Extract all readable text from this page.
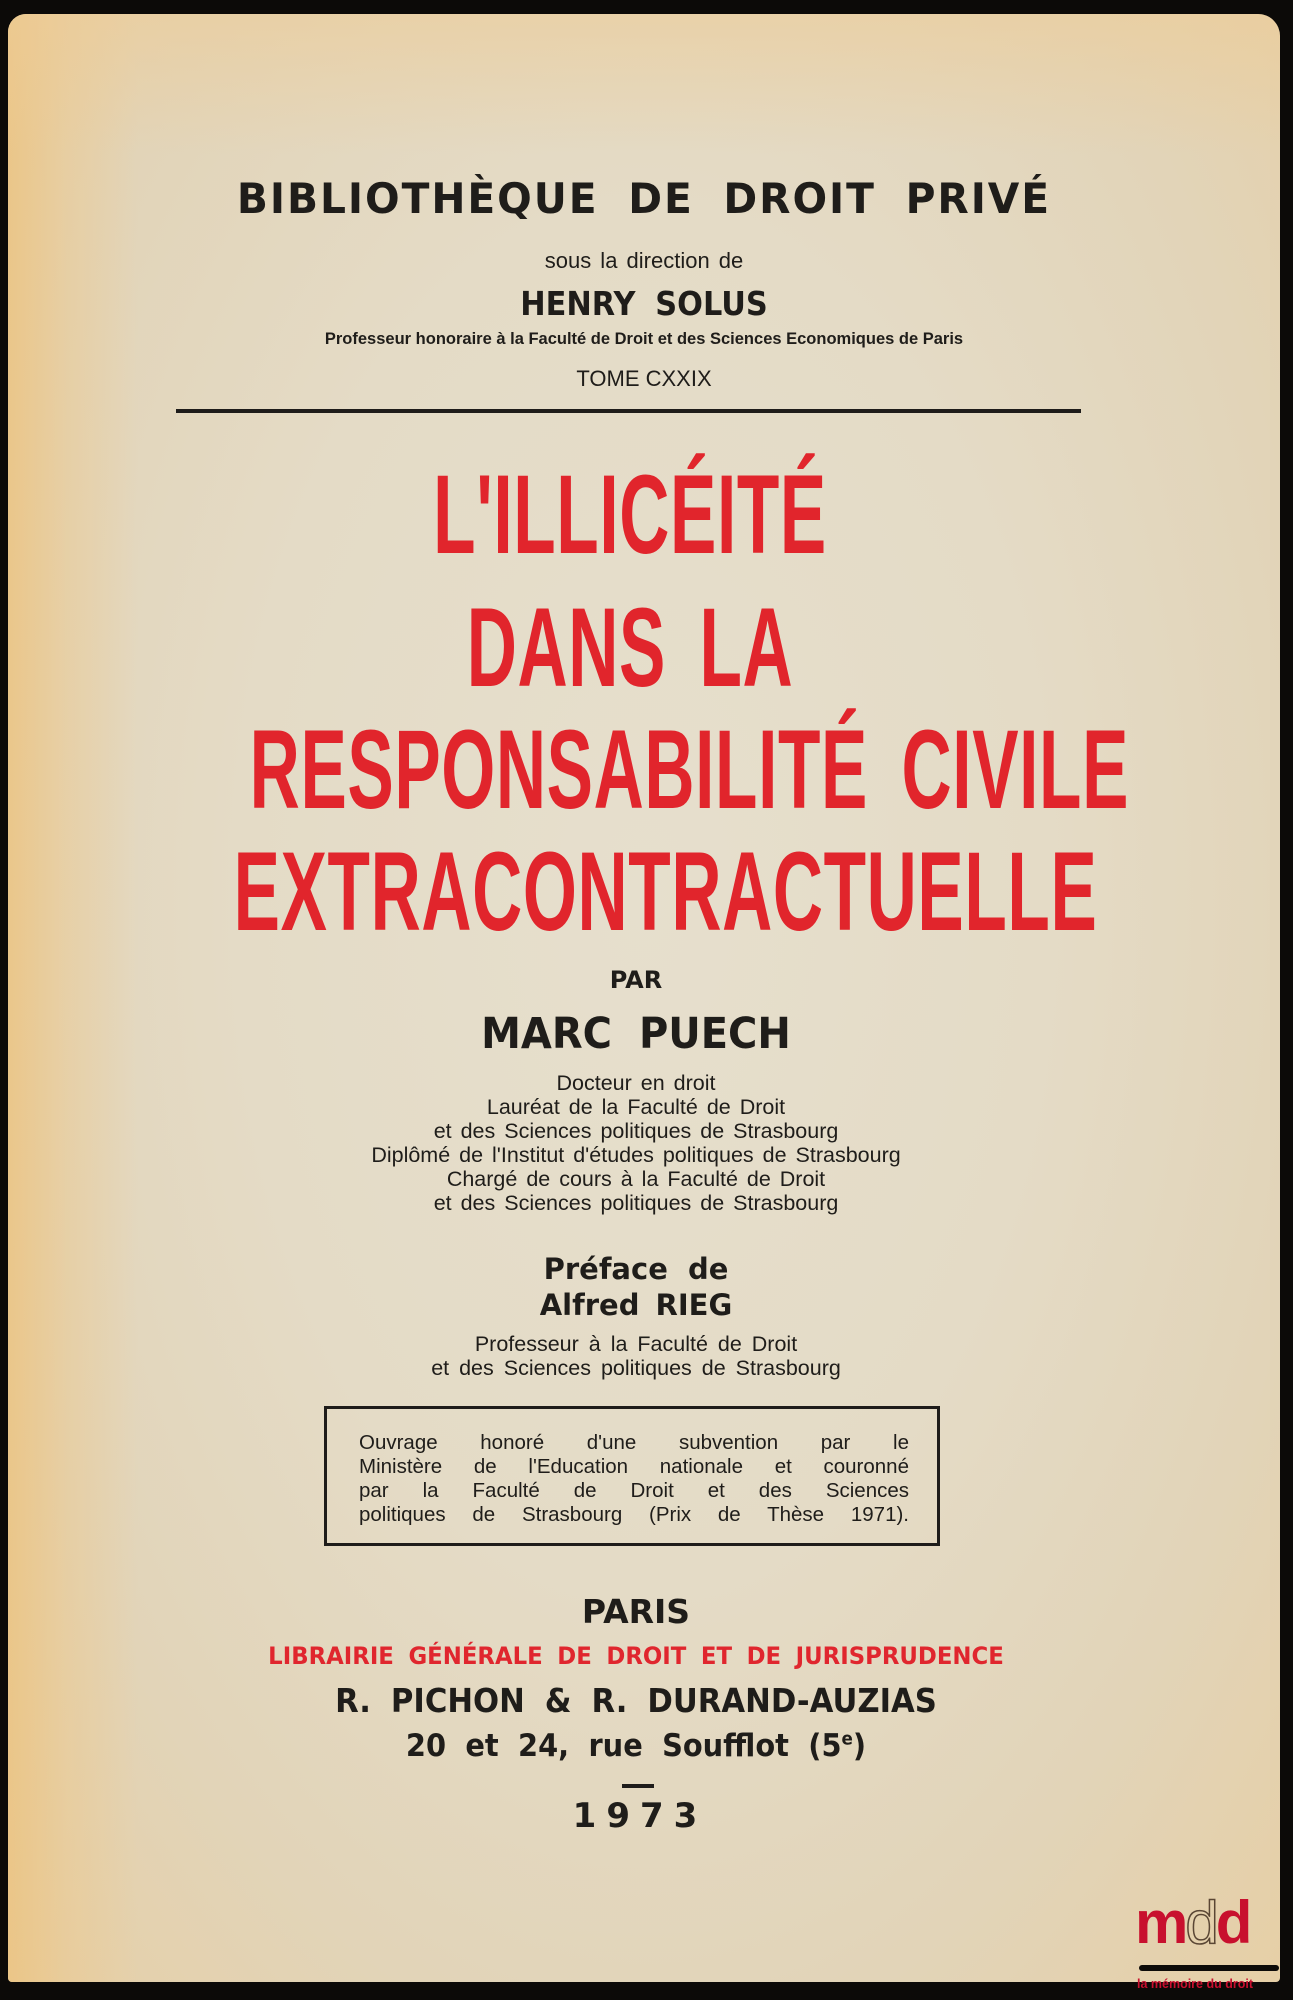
BIBLIOTHÈQUE DE DROIT PRIVÉ
sous la direction de
HENRY SOLUS
Professeur honoraire à la Faculté de Droit et des Sciences Economiques de Paris
TOME CXXIX
L'ILLICÉITÉ
DANS LA
RESPONSABILITÉ CIVILE
EXTRACONTRACTUELLE
PAR
MARC PUECH
Docteur en droit
Lauréat de la Faculté de Droit
et des Sciences politiques de Strasbourg
Diplômé de l'Institut d'études politiques de Strasbourg
Chargé de cours à la Faculté de Droit
et des Sciences politiques de Strasbourg
Préface de
Alfred RIEG
Professeur à la Faculté de Droit
et des Sciences politiques de Strasbourg
Ouvrage honoré d'une subvention par le
Ministère de l'Education nationale et couronné
par la Faculté de Droit et des Sciences
politiques de Strasbourg (Prix de Thèse 1971).
PARIS
LIBRAIRIE GÉNÉRALE DE DROIT ET DE JURISPRUDENCE
R. PICHON & R. DURAND-AUZIAS
20 et 24, rue Soufflot (5e)
1973
mdd
la mémoire du droit
